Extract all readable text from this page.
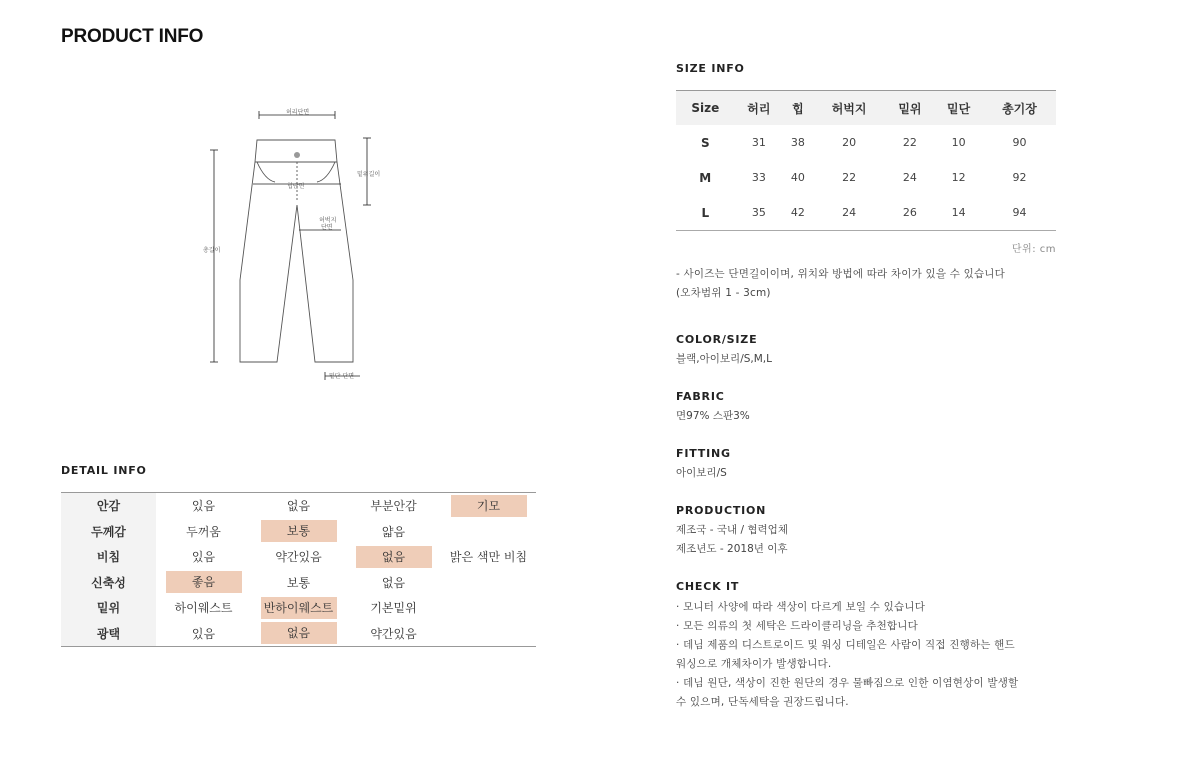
PRODUCT INFO
허리단면
밑위길이
힙단면
허벅지
단면
총길이
밑단 단면
DETAIL INFO
안감	있음	없음	부분안감	기모
두께감	두꺼움	보통	얇음	
비침	있음	약간있음	없음	밝은 색만 비침
신축성	좋음	보통	없음	
밑위	하이웨스트	반하이웨스트	기본밑위	
광택	있음	없음	약간있음	
SIZE INFO
Size	허리	힙	허벅지	밑위	밑단	총기장
S	31	38	20	22	10	90
M	33	40	22	24	12	92
L	35	42	24	26	14	94
단위: cm
- 사이즈는 단면길이이며, 위치와 방법에 따라 차이가 있을 수 있습니다
(오차범위 1 - 3cm)
COLOR/SIZE
블랙,아이보리/S,M,L
FABRIC
면97% 스판3%
FITTING
아이보리/S
PRODUCTION
제조국 - 국내 / 협력업체
제조년도 - 2018년 이후
CHECK IT
· 모니터 사양에 따라 색상이 다르게 보일 수 있습니다
· 모든 의류의 첫 세탁은 드라이클리닝을 추천합니다
· 데님 제품의 디스트로이드 및 워싱 디테일은 사람이 직접 진행하는 핸드
워싱으로 개체차이가 발생합니다.
· 데님 원단, 색상이 진한 원단의 경우 물빠짐으로 인한 이염현상이 발생할
수 있으며, 단독세탁을 권장드립니다.
